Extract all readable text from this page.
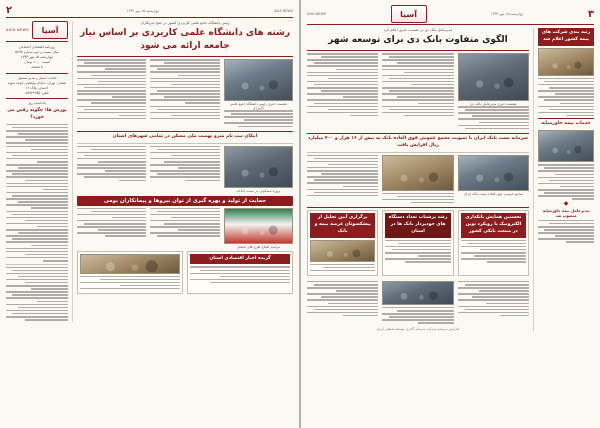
۳
چهارشنبه ۱۵ مهر ۱۳۹۴
آسیا
ASIA NEWS
رتبه بندی شرکت های بیمه کشور اعلام شد
خدمات بیمه خاورمیانه
◆
مدیرعامل بیمه خاورمیانه منصوب شد
مدیرعامل بانک دی در نشست خبری اعلام کرد
الگوی متفاوت بانک دی برای توسعه شهر
نشست خبری مدیرعامل بانک دی
سرمایه پست بانک ایران با تصویب مجمع عمومی فوق العاده بانک به بیش از ۱۶ هزار و ۴۰۰ میلیارد ریال افزایش یافت
مجمع عمومی فوق العاده پست بانک ایران
نخستین همایش بانکداری الکترونیک با رویکرد نوین در صنعت بانکی کشور
رشد پرشتاب تعداد دستگاه های خودپرداز بانک ها در استان
برگزاری آیین تجلیل از پیشکسوتان عرصه بیمه و بانک
افزایش سرمایه شرکت سرمایه گذاری توسعه صنعتی ایران
ASIA NEWS
چهارشنبه ۱۵ مهر ۱۳۹۴
۲
رئیس دانشگاه جامع علمی کاربردی کشور در جمع خبرنگاران
رشته های دانشگاه علمی کاربردی بر اساس نیاز جامعه ارائه می شود
نشست خبری رئیس دانشگاه جامع علمی کاربردی
امکان ثبت نام مترو نهضت ملی مسکن در تمامی شهرهای استان
پروژه مسکونی در دست احداث
حمایت از تولید و بهره گیری از توان نیروها و پیمانکاران بومی
مراسم افتتاح طرح های صنعتی
گزیده اخبار اقتصادی استان
آسیا
ASIA NEWS
روزنامه اقتصادی اجتماعی
سال بیست و دوم شماره ۵۸۹۷
چهارشنبه ۱۵ مهر ۱۳۹۴
قیمت ۲۰۰۰ تومان
۸ صفحه
صاحب امتیاز و مدیر مسئول
نشانی: تهران، خیابان ولیعصر، کوچه شهید احمدی، پلاک ۱۲
تلفن: ۸۸۷۷۶۶۵۵
یادداشت روز
بورس ها؛ چگونه رقص می خورد؟
